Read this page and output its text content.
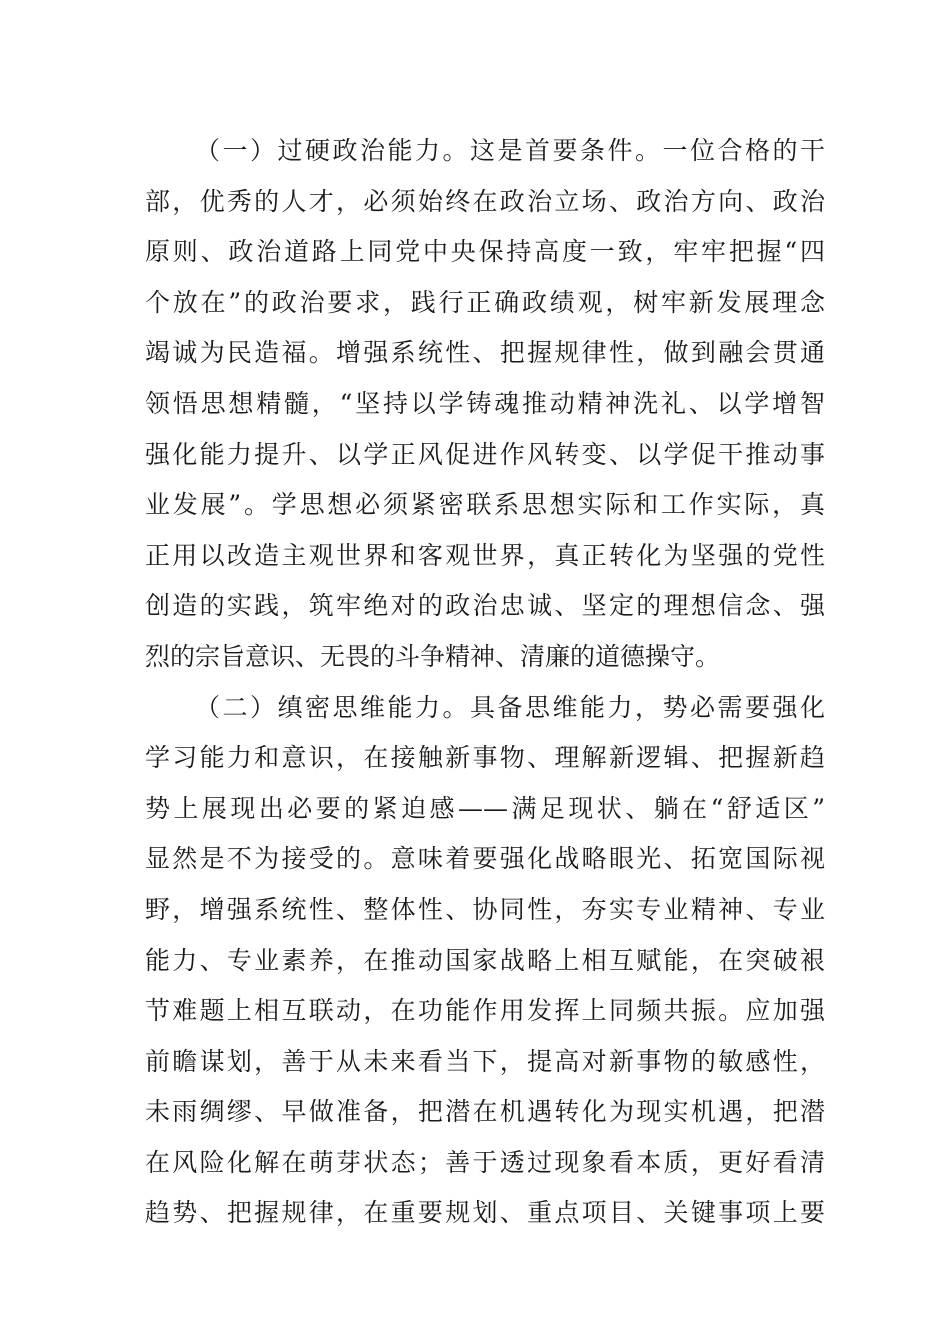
（一）过硬政治能力。这是首要条件。一位合格的干
部，优秀的人才，必须始终在政治立场、政治方向、政治
原则、政治道路上同党中央保持高度一致，牢牢把握“四
个放在”的政治要求，践行正确政绩观，树牢新发展理念
竭诚为民造福。增强系统性、把握规律性，做到融会贯通
领悟思想精髓，“坚持以学铸魂推动精神洗礼、以学增智
强化能力提升、以学正风促进作风转变、以学促干推动事
业发展”。学思想必须紧密联系思想实际和工作实际，真
正用以改造主观世界和客观世界，真正转化为坚强的党性
创造的实践，筑牢绝对的政治忠诚、坚定的理想信念、强
烈的宗旨意识、无畏的斗争精神、清廉的道德操守。
（二）缜密思维能力。具备思维能力，势必需要强化
学习能力和意识，在接触新事物、理解新逻辑、把握新趋
势上展现出必要的紧迫感——满足现状、躺在“舒适区”
显然是不为接受的。意味着要强化战略眼光、拓宽国际视
野，增强系统性、整体性、协同性，夯实专业精神、专业
能力、专业素养，在推动国家战略上相互赋能，在突破裉
节难题上相互联动，在功能作用发挥上同频共振。应加强
前瞻谋划，善于从未来看当下，提高对新事物的敏感性，
未雨绸缪、早做准备，把潜在机遇转化为现实机遇，把潜
在风险化解在萌芽状态；善于透过现象看本质，更好看清
趋势、把握规律，在重要规划、重点项目、关键事项上要
